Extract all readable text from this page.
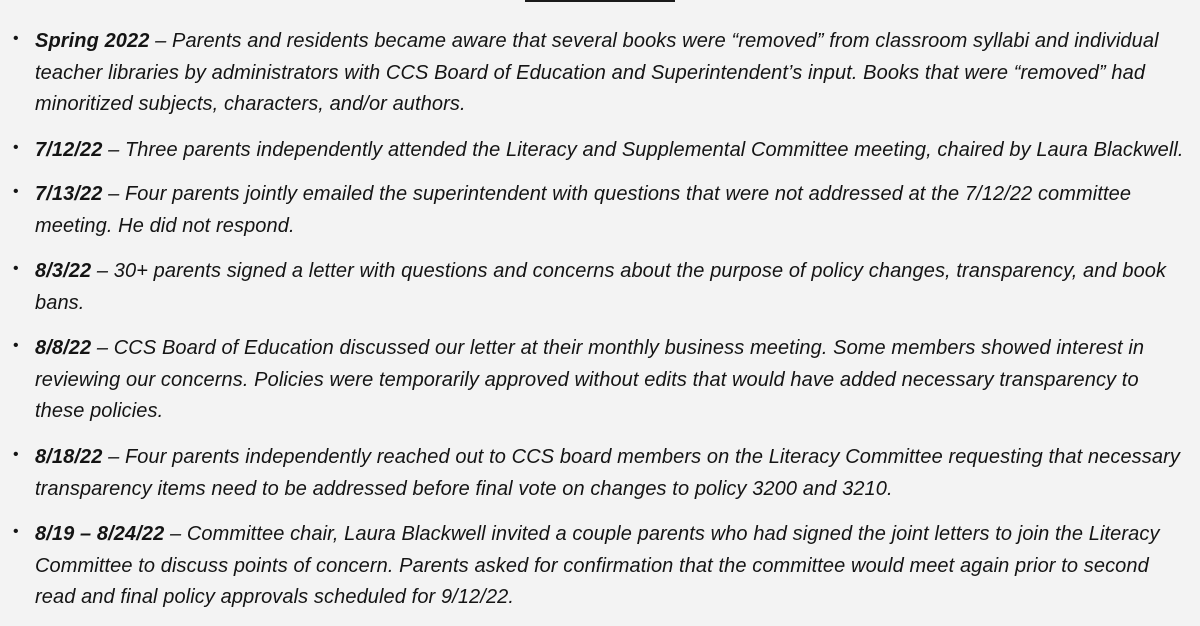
• Spring 2022 – Parents and residents became aware that several books were “removed” from classroom syllabi and individual teacher libraries by administrators with CCS Board of Education and Superintendent’s input. Books that were “removed” had minoritized subjects, characters, and/or authors.
• 7/12/22 – Three parents independently attended the Literacy and Supplemental Committee meeting, chaired by Laura Blackwell.
• 7/13/22 – Four parents jointly emailed the superintendent with questions that were not addressed at the 7/12/22 committee meeting. He did not respond.
• 8/3/22 – 30+ parents signed a letter with questions and concerns about the purpose of policy changes, transparency, and book bans.
• 8/8/22 – CCS Board of Education discussed our letter at their monthly business meeting. Some members showed interest in reviewing our concerns. Policies were temporarily approved without edits that would have added necessary transparency to these policies.
• 8/18/22 – Four parents independently reached out to CCS board members on the Literacy Committee requesting that necessary transparency items need to be addressed before final vote on changes to policy 3200 and 3210.
• 8/19 – 8/24/22 – Committee chair, Laura Blackwell invited a couple parents who had signed the joint letters to join the Literacy Committee to discuss points of concern. Parents asked for confirmation that the committee would meet again prior to second read and final policy approvals scheduled for 9/12/22.
